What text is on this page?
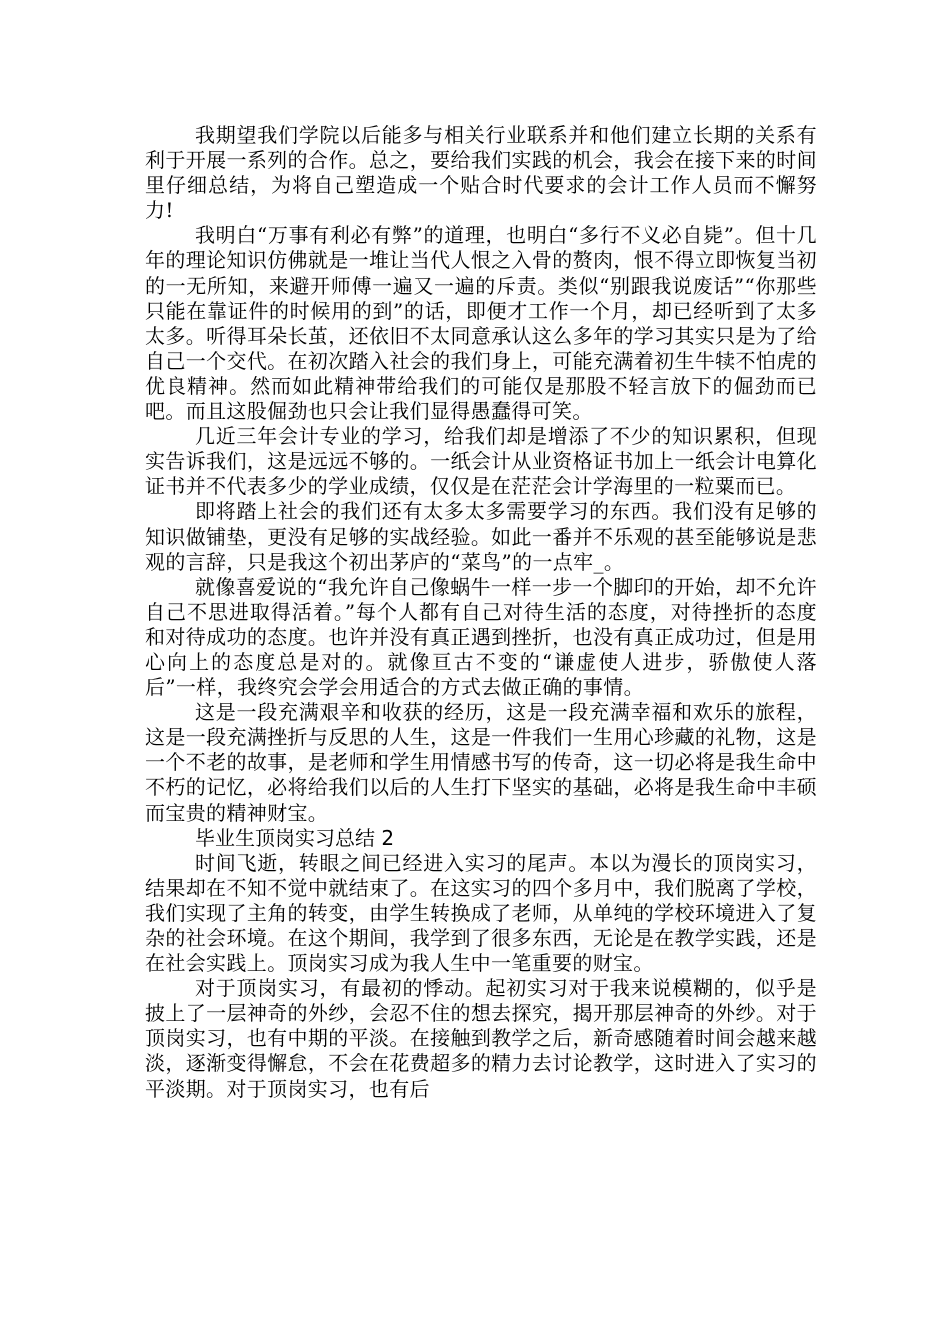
我期望我们学院以后能多与相关行业联系并和他们建立长期的关系有利于开展一系列的合作。总之，要给我们实践的机会，我会在接下来的时间里仔细总结，为将自己塑造成一个贴合时代要求的会计工作人员而不懈努力!

我明白“万事有利必有弊”的道理，也明白“多行不义必自毙”。但十几年的理论知识仿佛就是一堆让当代人恨之入骨的赘肉，恨不得立即恢复当初的一无所知，来避开师傅一遍又一遍的斥责。类似“别跟我说废话”“你那些只能在靠证件的时候用的到”的话，即便才工作一个月，却已经听到了太多太多。听得耳朵长茧，还依旧不太同意承认这么多年的学习其实只是为了给自己一个交代。在初次踏入社会的我们身上，可能充满着初生牛犊不怕虎的优良精神。然而如此精神带给我们的可能仅是那股不轻言放下的倔劲而已吧。而且这股倔劲也只会让我们显得愚蠢得可笑。

几近三年会计专业的学习，给我们却是增添了不少的知识累积，但现实告诉我们，这是远远不够的。一纸会计从业资格证书加上一纸会计电算化证书并不代表多少的学业成绩，仅仅是在茫茫会计学海里的一粒粟而已。

即将踏上社会的我们还有太多太多需要学习的东西。我们没有足够的知识做铺垫，更没有足够的实战经验。如此一番并不乐观的甚至能够说是悲观的言辞，只是我这个初出茅庐的“菜鸟”的一点牢_。

就像喜爱说的“我允许自己像蜗牛一样一步一个脚印的开始，却不允许自己不思进取得活着。”每个人都有自己对待生活的态度，对待挫折的态度和对待成功的态度。也许并没有真正遇到挫折，也没有真正成功过，但是用心向上的态度总是对的。就像亘古不变的“谦虚使人进步，骄傲使人落后”一样，我终究会学会用适合的方式去做正确的事情。

这是一段充满艰辛和收获的经历，这是一段充满幸福和欢乐的旅程，这是一段充满挫折与反思的人生，这是一件我们一生用心珍藏的礼物，这是一个不老的故事，是老师和学生用情感书写的传奇，这一切必将是我生命中不朽的记忆，必将给我们以后的人生打下坚实的基础，必将是我生命中丰硕而宝贵的精神财宝。

毕业生顶岗实习总结 2

时间飞逝，转眼之间已经进入实习的尾声。本以为漫长的顶岗实习，结果却在不知不觉中就结束了。在这实习的四个多月中，我们脱离了学校，我们实现了主角的转变，由学生转换成了老师，从单纯的学校环境进入了复杂的社会环境。在这个期间，我学到了很多东西，无论是在教学实践，还是在社会实践上。顶岗实习成为我人生中一笔重要的财宝。

对于顶岗实习，有最初的悸动。起初实习对于我来说模糊的，似乎是披上了一层神奇的外纱，会忍不住的想去探究，揭开那层神奇的外纱。对于顶岗实习，也有中期的平淡。在接触到教学之后，新奇感随着时间会越来越淡，逐渐变得懈怠，不会在花费超多的精力去讨论教学，这时进入了实习的平淡期。对于顶岗实习，也有后
